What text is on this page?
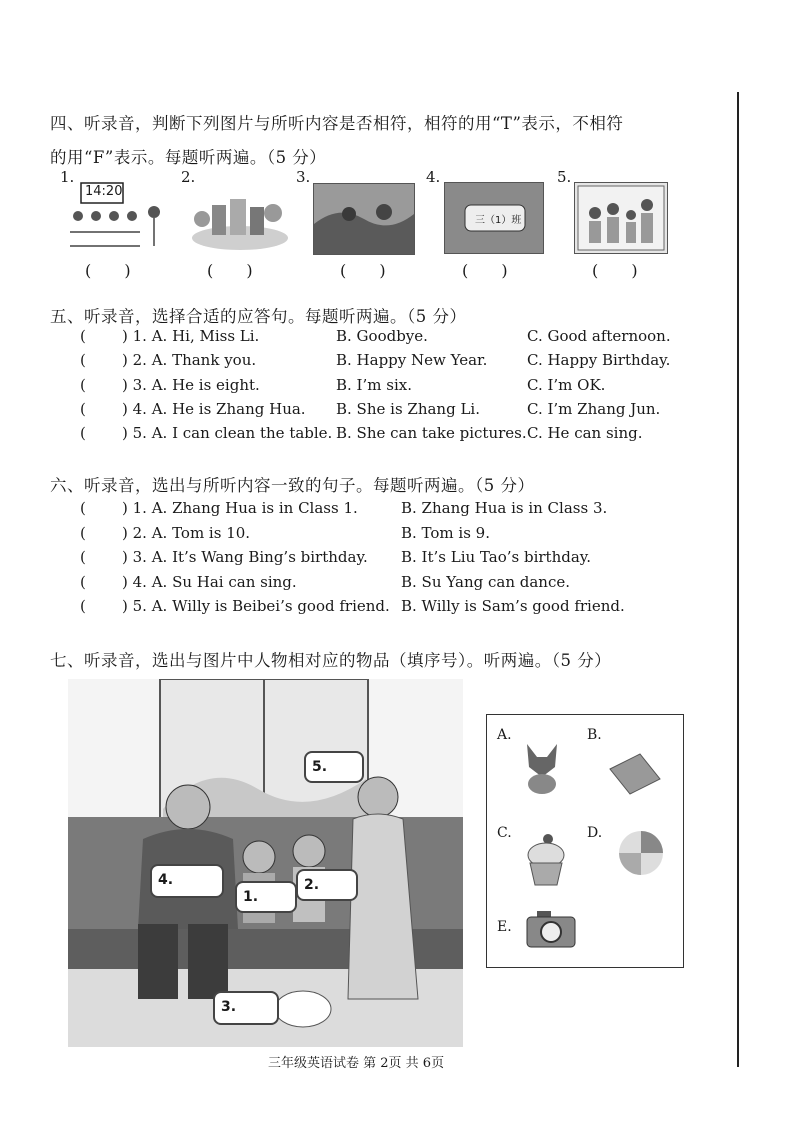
四、听录音，判断下列图片与所听内容是否相符，相符的用“T”表示，不相符
的用“F”表示。每题听两遍。（5 分）
1.
14:20
( )
2.
( )
3.
( )
4.
三（1）班
( )
5.
( )
五、听录音，选择合适的应答句。每题听两遍。（5 分）
( ) 1. A. Hi, Miss Li.	B. Goodbye.	C. Good afternoon.
( ) 2. A. Thank you.	B. Happy New Year.	C. Happy Birthday.
( ) 3. A. He is eight.	B. I’m six.	C. I’m OK.
( ) 4. A. He is Zhang Hua. B. She is Zhang Li.	C. I’m Zhang Jun.
( ) 5. A. I can clean the table. B. She can take pictures. C. He can sing.
六、听录音，选出与所听内容一致的句子。每题听两遍。（5 分）
( ) 1. A. Zhang Hua is in Class 1.	B. Zhang Hua is in Class 3.
( ) 2. A. Tom is 10.	B. Tom is 9.
( ) 3. A. It’s Wang Bing’s birthday. B. It’s Liu Tao’s birthday.
( ) 4. A. Su Hai can sing.	B. Su Yang can dance.
( ) 5. A. Willy is Beibei’s good friend. B. Willy is Sam’s good friend.
七、听录音，选出与图片中人物相对应的物品（填序号）。听两遍。（5 分）
5.
4.
1.
2.
3.
A.	B.
C.	D.
E.
三年级英语试卷 第 2页 共 6页
